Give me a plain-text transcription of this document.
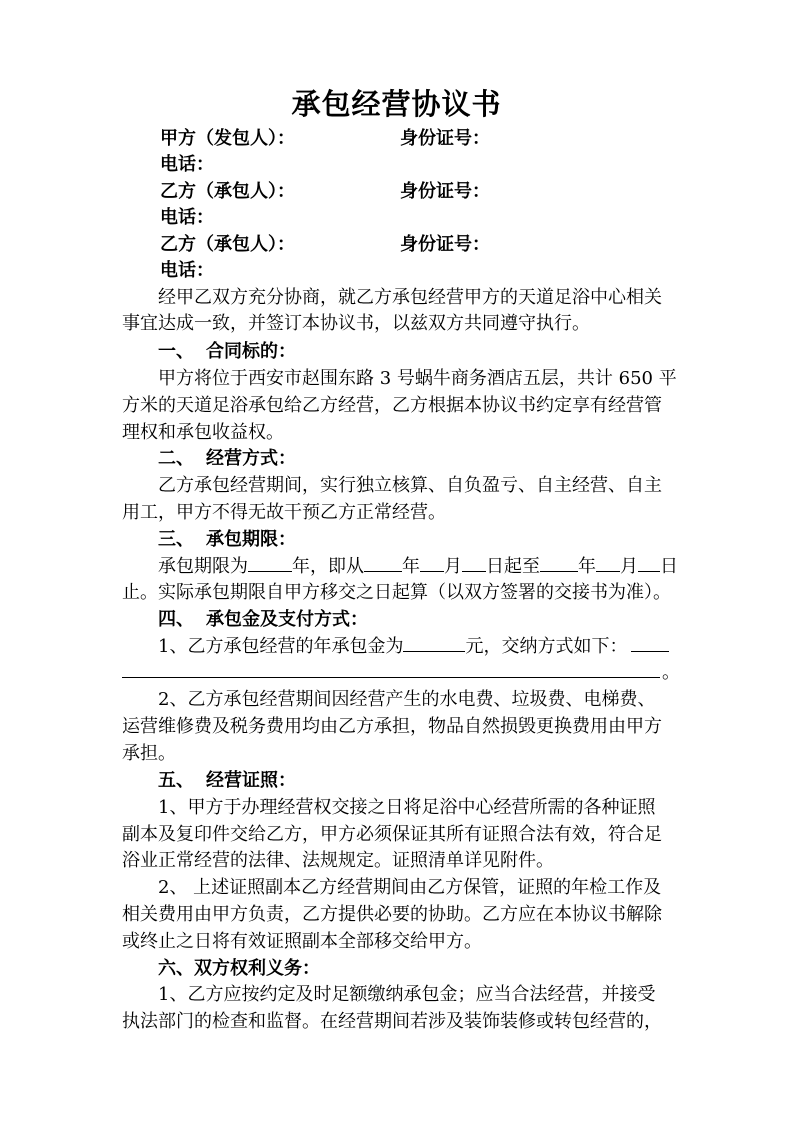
承包经营协议书
甲方（发包人）：	身份证号：
电话：
乙方（承包人）：	身份证号：
电话：
乙方（承包人）：	身份证号：
电话：
经甲乙双方充分协商，就乙方承包经营甲方的天道足浴中心相关
事宜达成一致，并签订本协议书，以兹双方共同遵守执行。
一、 合同标的：
甲方将位于西安市赵围东路 3 号蜗牛商务酒店五层，共计 650 平
方米的天道足浴承包给乙方经营，乙方根据本协议书约定享有经营管
理权和承包收益权。
二、 经营方式：
乙方承包经营期间，实行独立核算、自负盈亏、自主经营、自主
用工，甲方不得无故干预乙方正常经营。
三、 承包期限：
承包期限为 年，即从 年 月 日起至 年 月 日
止。实际承包期限自甲方移交之日起算（以双方签署的交接书为准）。
四、 承包金及支付方式：
1、乙方承包经营的年承包金为	元，交纳方式如下：
。
2、乙方承包经营期间因经营产生的水电费、垃圾费、电梯费、
运营维修费及税务费用均由乙方承担，物品自然损毁更换费用由甲方
承担。
五、 经营证照：
1、甲方于办理经营权交接之日将足浴中心经营所需的各种证照
副本及复印件交给乙方，甲方必须保证其所有证照合法有效，符合足
浴业正常经营的法律、法规规定。证照清单详见附件。
2、 上述证照副本乙方经营期间由乙方保管，证照的年检工作及
相关费用由甲方负责，乙方提供必要的协助。乙方应在本协议书解除
或终止之日将有效证照副本全部移交给甲方。
六、双方权利义务：
1、乙方应按约定及时足额缴纳承包金；应当合法经营，并接受
执法部门的检查和监督。在经营期间若涉及装饰装修或转包经营的，
